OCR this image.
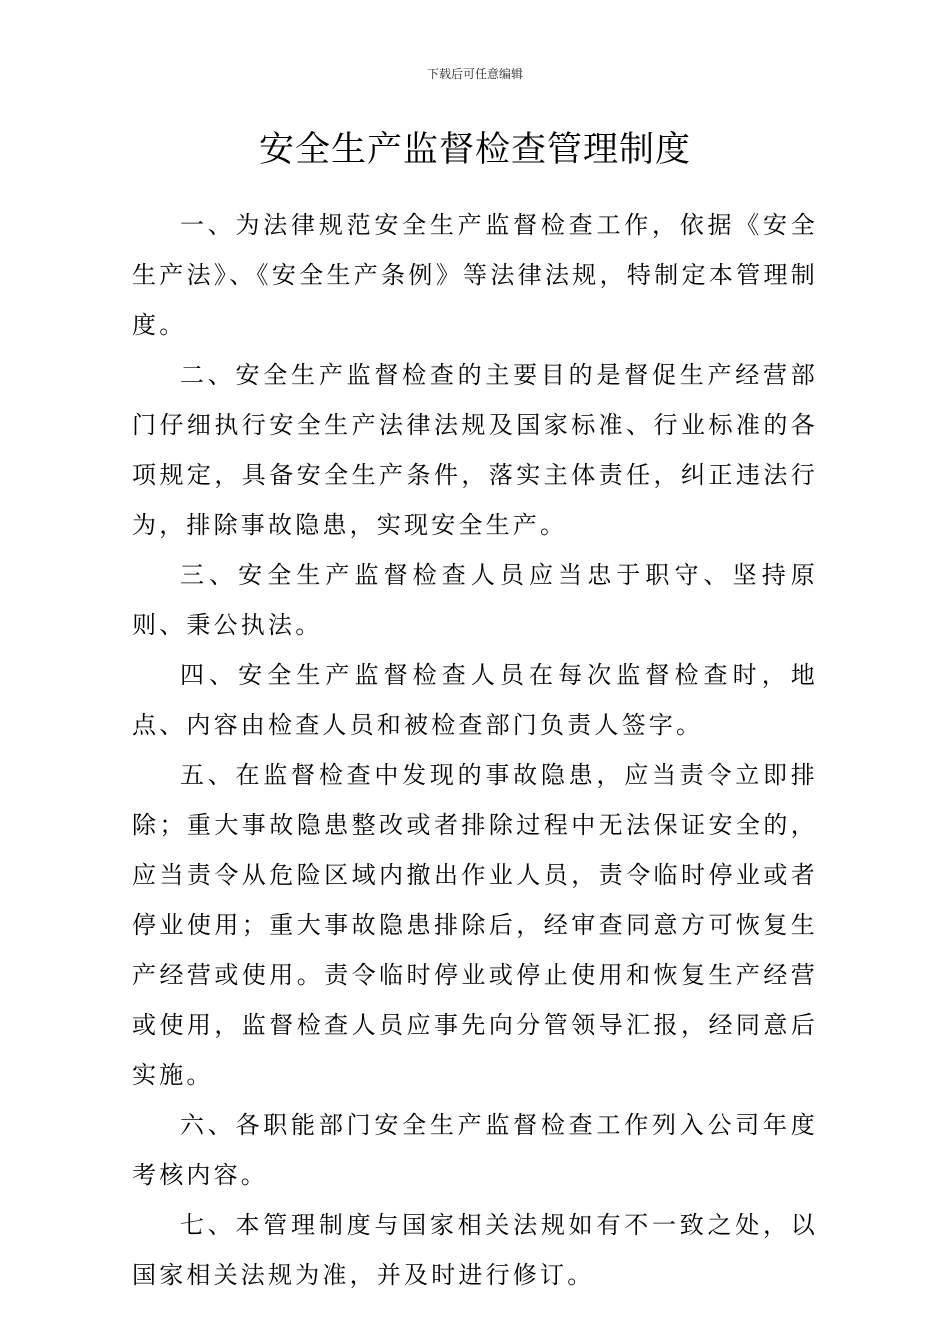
下载后可任意编辑
安全生产监督检查管理制度

一、为法律规范安全生产监督检查工作，依据《安全生产法》、《安全生产条例》等法律法规，特制定本管理制度。

二、安全生产监督检查的主要目的是督促生产经营部门仔细执行安全生产法律法规及国家标准、行业标准的各项规定，具备安全生产条件，落实主体责任，纠正违法行为，排除事故隐患，实现安全生产。

三、安全生产监督检查人员应当忠于职守、坚持原则、秉公执法。

四、安全生产监督检查人员在每次监督检查时，地点、内容由检查人员和被检查部门负责人签字。

五、在监督检查中发现的事故隐患，应当责令立即排除；重大事故隐患整改或者排除过程中无法保证安全的，应当责令从危险区域内撤出作业人员，责令临时停业或者停业使用；重大事故隐患排除后，经审查同意方可恢复生产经营或使用。责令临时停业或停止使用和恢复生产经营或使用，监督检查人员应事先向分管领导汇报，经同意后实施。

六、各职能部门安全生产监督检查工作列入公司年度考核内容。

七、本管理制度与国家相关法规如有不一致之处，以国家相关法规为准，并及时进行修订。
